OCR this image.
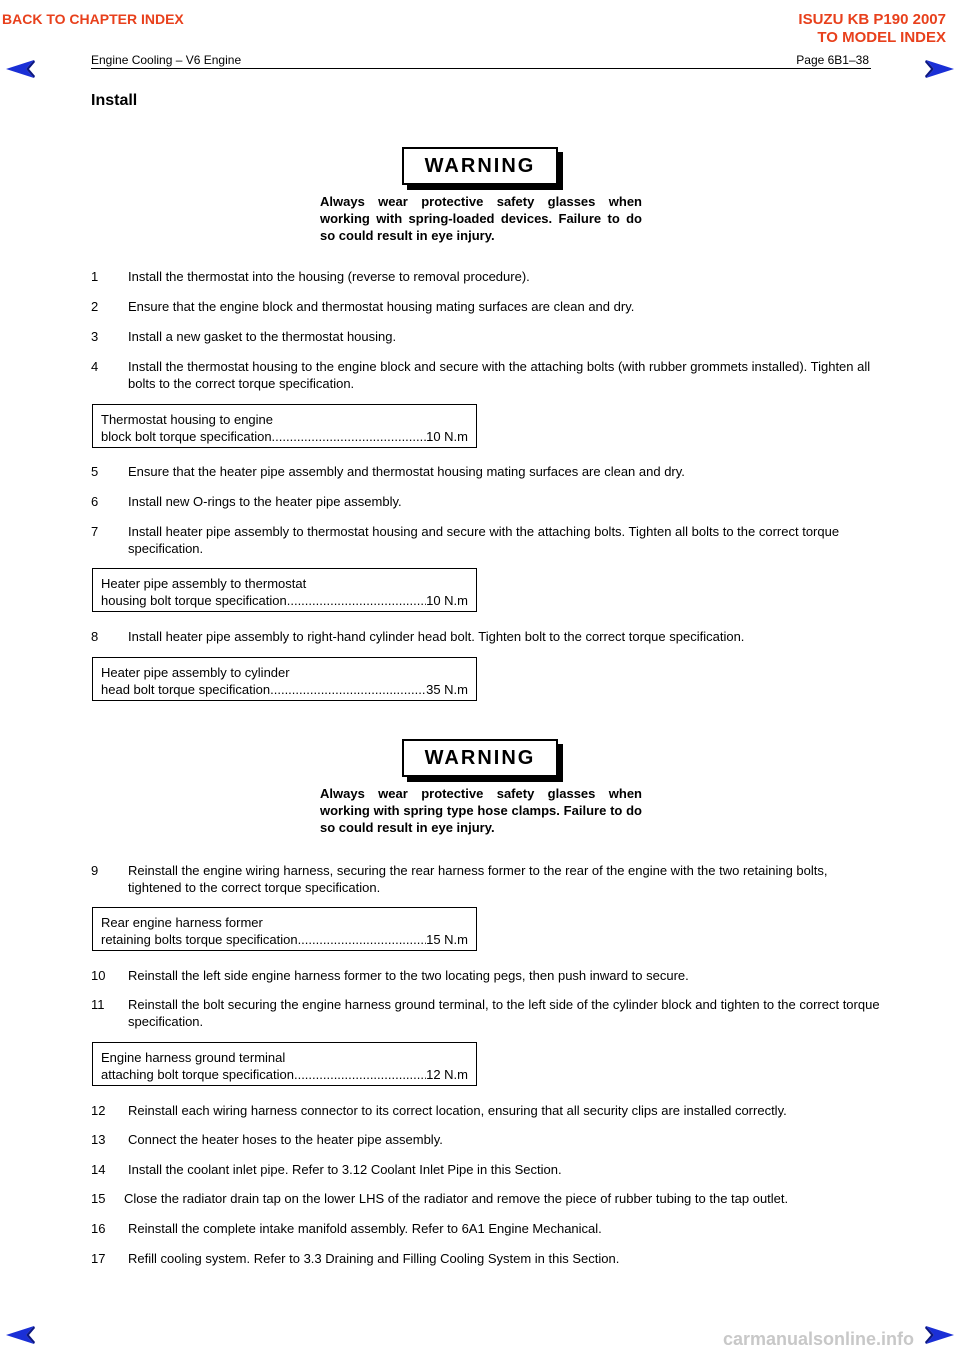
BACK TO CHAPTER INDEX	ISUZU KB P190 2007
TO MODEL INDEX
Engine Cooling – V6 Engine	Page 6B1–38
Install
WARNING
Always wear protective safety glasses when working with spring-loaded devices. Failure to do so could result in eye injury.
1 Install the thermostat into the housing (reverse to removal procedure).
2 Ensure that the engine block and thermostat housing mating surfaces are clean and dry.
3 Install a new gasket to the thermostat housing.
4 Install the thermostat housing to the engine block and secure with the attaching bolts (with rubber grommets installed). Tighten all bolts to the correct torque specification.
Thermostat housing to engine
block bolt torque specification .....	10 N.m
5 Ensure that the heater pipe assembly and thermostat housing mating surfaces are clean and dry.
6 Install new O-rings to the heater pipe assembly.
7 Install heater pipe assembly to thermostat housing and secure with the attaching bolts. Tighten all bolts to the correct torque specification.
Heater pipe assembly to thermostat
housing bolt torque specification .....	10 N.m
8 Install heater pipe assembly to right-hand cylinder head bolt. Tighten bolt to the correct torque specification.
Heater pipe assembly to cylinder
head bolt torque specification .....	35 N.m
WARNING
Always wear protective safety glasses when working with spring type hose clamps. Failure to do so could result in eye injury.
9 Reinstall the engine wiring harness, securing the rear harness former to the rear of the engine with the two retaining bolts, tightened to the correct torque specification.
Rear engine harness former
retaining bolts torque specification .....	15 N.m
10 Reinstall the left side engine harness former to the two locating pegs, then push inward to secure.
11 Reinstall the bolt securing the engine harness ground terminal, to the left side of the cylinder block and tighten to the correct torque specification.
Engine harness ground terminal
attaching bolt torque specification .....	12 N.m
12 Reinstall each wiring harness connector to its correct location, ensuring that all security clips are installed correctly.
13 Connect the heater hoses to the heater pipe assembly.
14 Install the coolant inlet pipe. Refer to 3.12 Coolant Inlet Pipe in this Section.
15 Close the radiator drain tap on the lower LHS of the radiator and remove the piece of rubber tubing to the tap outlet.
16 Reinstall the complete intake manifold assembly. Refer to 6A1 Engine Mechanical.
17 Refill cooling system. Refer to 3.3 Draining and Filling Cooling System in this Section.
carmanualsonline.info
